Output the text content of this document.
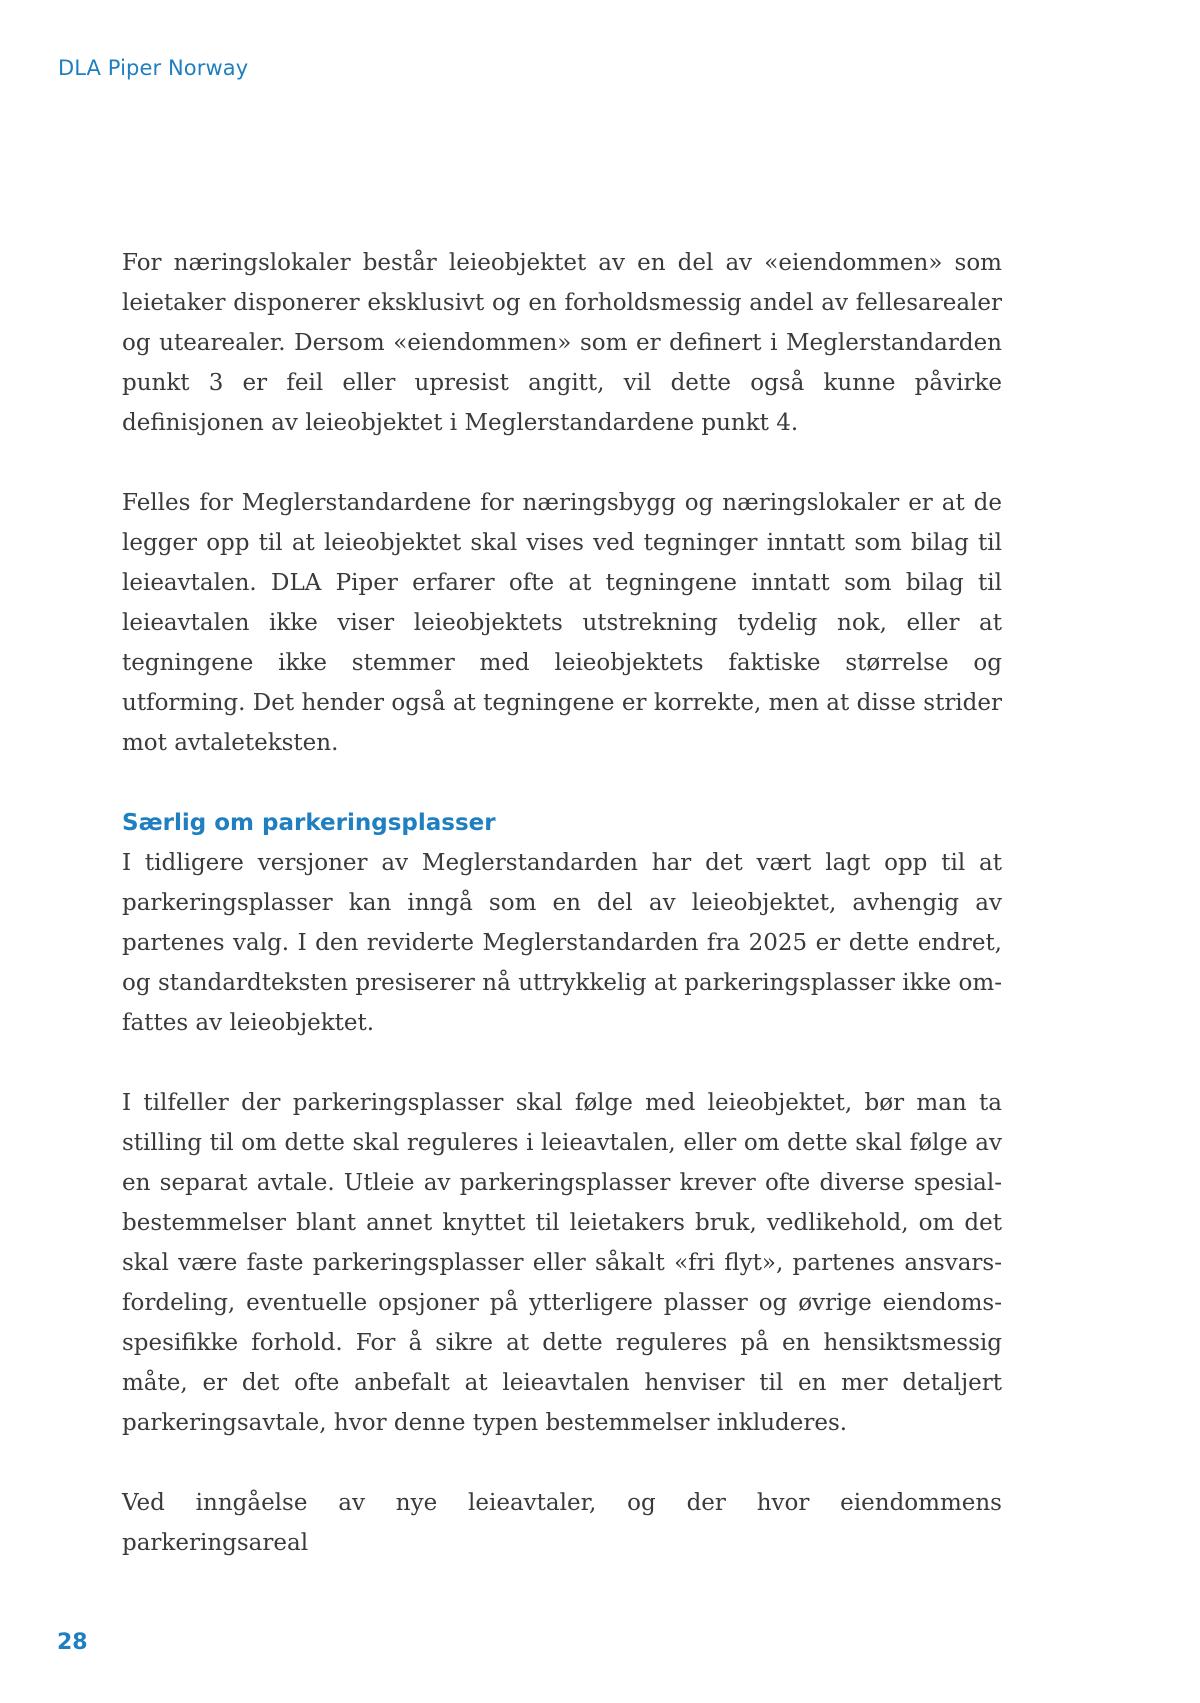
DLA Piper Norway

For næringslokaler består leieobjektet av en del av «eiendommen» som leietaker disponerer eksklusivt og en forholdsmessig andel av fellesarealer og utearealer. Dersom «eiendommen» som er definert i Meglerstandarden punkt 3 er feil eller upresist angitt, vil dette også kunne påvirke definisjonen av leieobjektet i Meglerstandardene punkt 4.

Felles for Meglerstandardene for næringsbygg og næringslokaler er at de legger opp til at leieobjektet skal vises ved tegninger inntatt som bilag til leieavtalen. DLA Piper erfarer ofte at tegningene inntatt som bilag til leieavtalen ikke viser leieobjektets utstrekning tydelig nok, eller at tegningene ikke stemmer med leieobjektets faktiske størrelse og utforming. Det hender også at tegningene er korrekte, men at disse strider mot avtaleteksten.

Særlig om parkeringsplasser

I tidligere versjoner av Meglerstandarden har det vært lagt opp til at parkeringsplasser kan inngå som en del av leieobjektet, avhengig av partenes valg. I den reviderte Meglerstandarden fra 2025 er dette endret, og standardteksten presiserer nå uttrykkelig at parkeringsplasser ikke omfattes av leieobjektet.

I tilfeller der parkeringsplasser skal følge med leieobjektet, bør man ta stilling til om dette skal reguleres i leieavtalen, eller om dette skal følge av en separat avtale. Utleie av parkeringsplasser krever ofte diverse spesialbestemmelser blant annet knyttet til leietakers bruk, vedlikehold, om det skal være faste parkeringsplasser eller såkalt «fri flyt», partenes ansvarsfordeling, eventuelle opsjoner på ytterligere plasser og øvrige eiendomsspesifikke forhold. For å sikre at dette reguleres på en hensiktsmessig måte, er det ofte anbefalt at leieavtalen henviser til en mer detaljert parkeringsavtale, hvor denne typen bestemmelser inkluderes.

Ved inngåelse av nye leieavtaler, og der hvor eiendommens parkeringsareal

28
